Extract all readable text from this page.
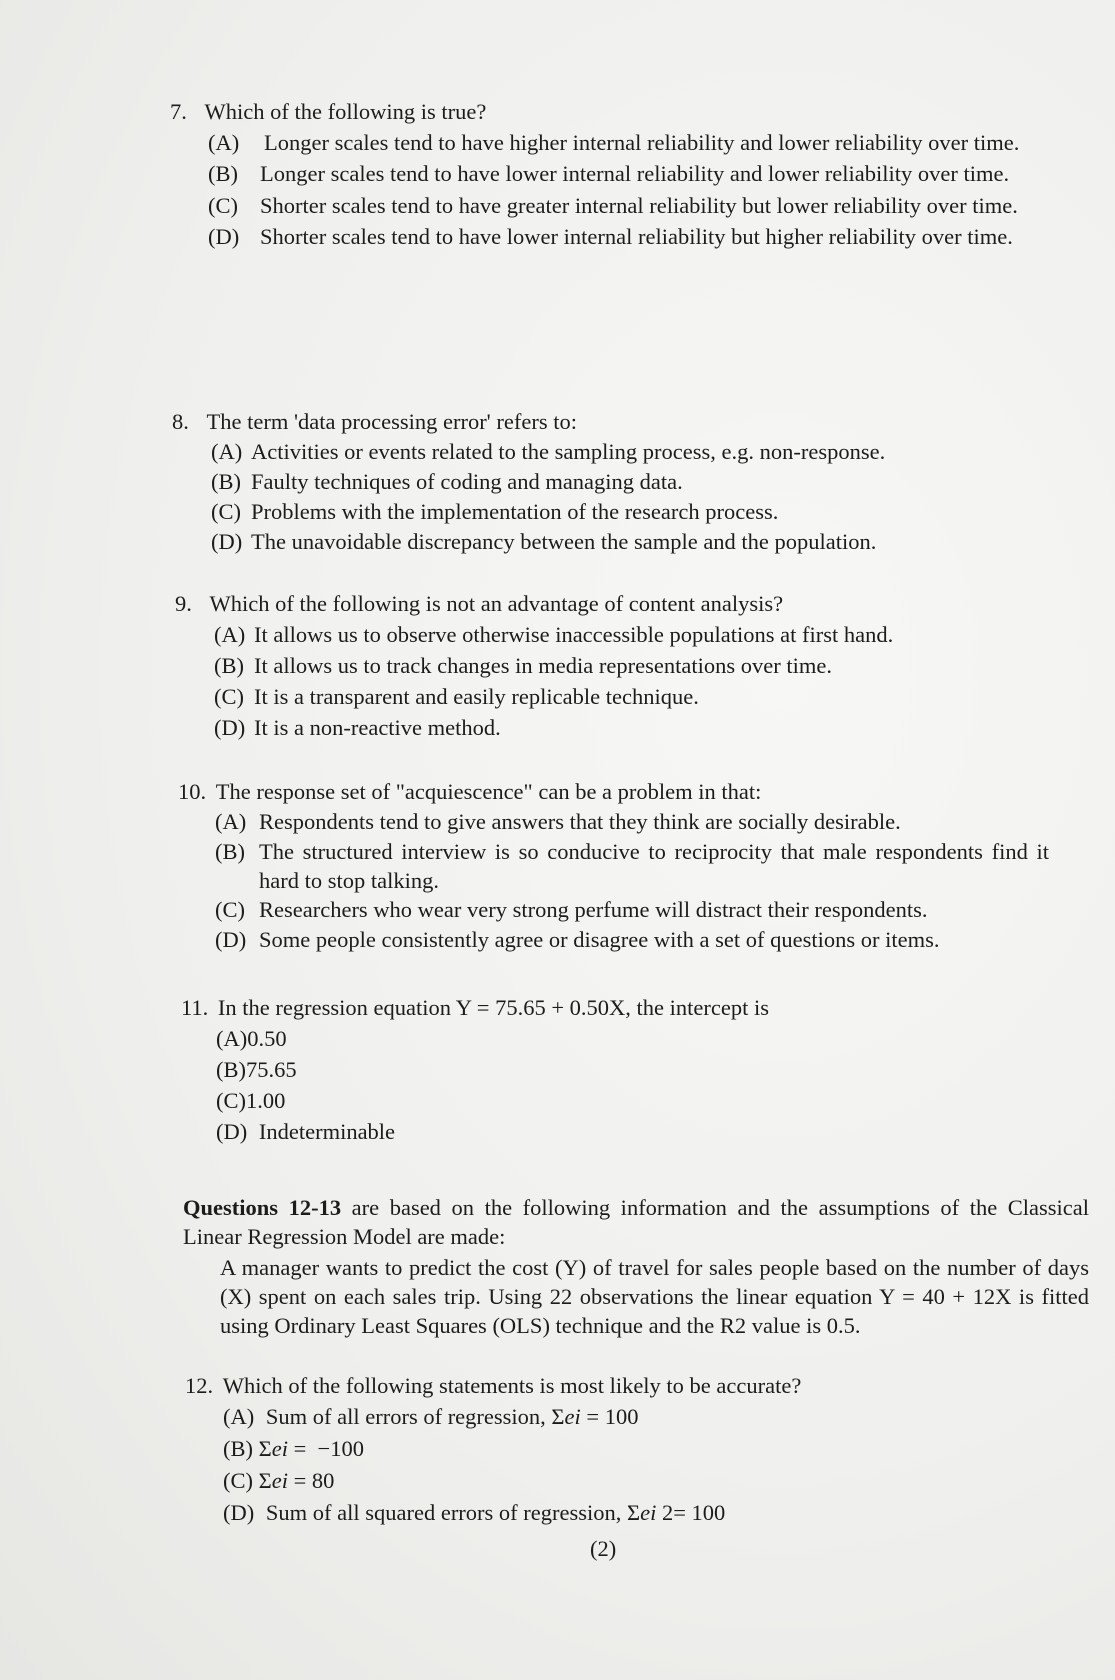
7. Which of the following is true?
(A) Longer scales tend to have higher internal reliability and lower reliability over time.
(B) Longer scales tend to have lower internal reliability and lower reliability over time.
(C) Shorter scales tend to have greater internal reliability but lower reliability over time.
(D) Shorter scales tend to have lower internal reliability but higher reliability over time.
8. The term 'data processing error' refers to:
(A) Activities or events related to the sampling process, e.g. non-response.
(B) Faulty techniques of coding and managing data.
(C) Problems with the implementation of the research process.
(D) The unavoidable discrepancy between the sample and the population.
9. Which of the following is not an advantage of content analysis?
(A) It allows us to observe otherwise inaccessible populations at first hand.
(B) It allows us to track changes in media representations over time.
(C) It is a transparent and easily replicable technique.
(D) It is a non-reactive method.
10. The response set of "acquiescence" can be a problem in that:
(A) Respondents tend to give answers that they think are socially desirable.
(B) The structured interview is so conducive to reciprocity that male respondents find it hard to stop talking.
(C) Researchers who wear very strong perfume will distract their respondents.
(D) Some people consistently agree or disagree with a set of questions or items.
11. In the regression equation Y = 75.65 + 0.50X, the intercept is
(A)0.50
(B)75.65
(C)1.00
(D) Indeterminable
Questions 12-13 are based on the following information and the assumptions of the Classical Linear Regression Model are made:
A manager wants to predict the cost (Y) of travel for sales people based on the number of days (X) spent on each sales trip. Using 22 observations the linear equation Y = 40 + 12X is fitted using Ordinary Least Squares (OLS) technique and the R2 value is 0.5.
12. Which of the following statements is most likely to be accurate?
(A) Sum of all errors of regression, Σei = 100
(B) Σei =  −100
(C) Σei = 80
(D) Sum of all squared errors of regression, Σei 2= 100
(2)
